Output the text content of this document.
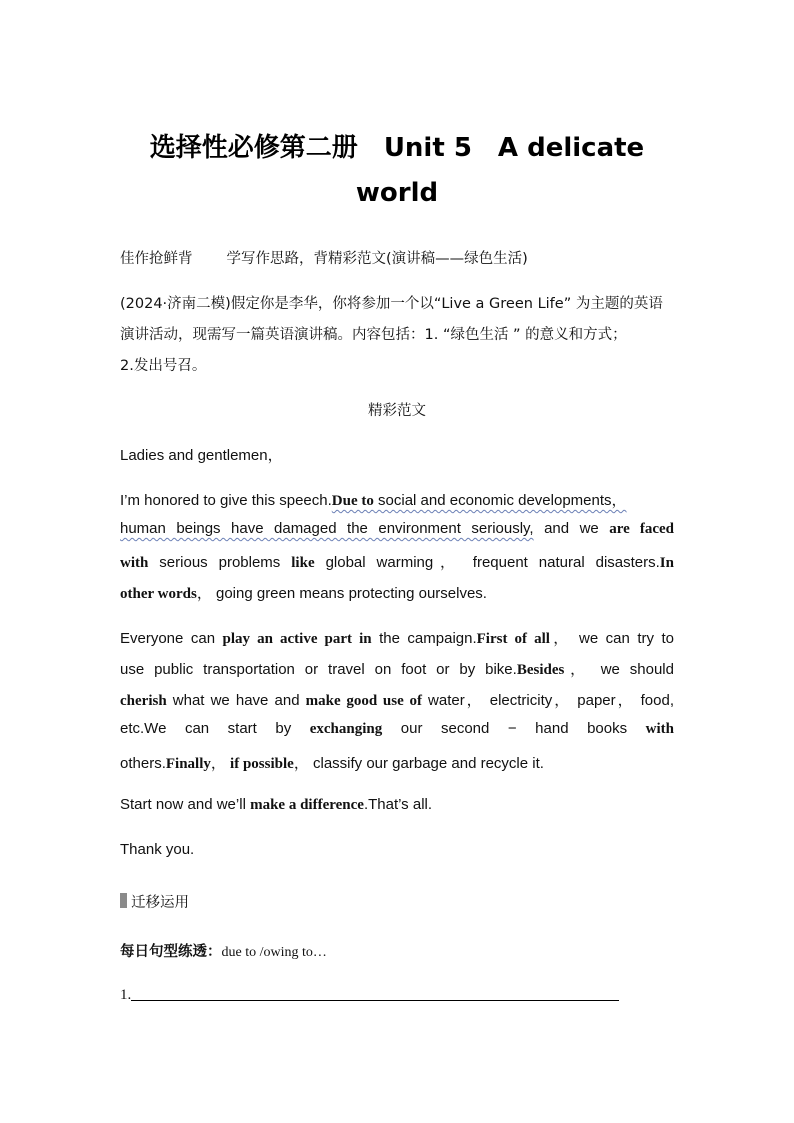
选择性必修第二册 Unit 5 A delicate
world
佳作抢鲜背 学写作思路，背精彩范文(演讲稿——绿色生活)
(2024·济南二模)假定你是李华，你将参加一个以“Live a Green Life” 为主题的英语
演讲活动，现需写一篇英语演讲稿。内容包括：1. “绿色生活 ” 的意义和方式；
2.发出号召。
精彩范文
Ladies and gentlemen，
I’m honored to give this speech.Due to social and economic developments，
human beings have damaged the environment seriously, and we are faced
with serious problems like global warming， frequent natural disasters.In
other words， going green means protecting ourselves.
Everyone can play an active part in the campaign.First of all， we can try to
use public transportation or travel on foot or by bike.Besides， we should
cherish what we have and make good use of water， electricity， paper， food,
etc.We can start by exchanging our second − hand books with
others.Finally， if possible， classify our garbage and recycle it.
Start now and we’ll make a difference.That’s all.
Thank you.
迁移运用
每日句型练透：due to /owing to…
1.
